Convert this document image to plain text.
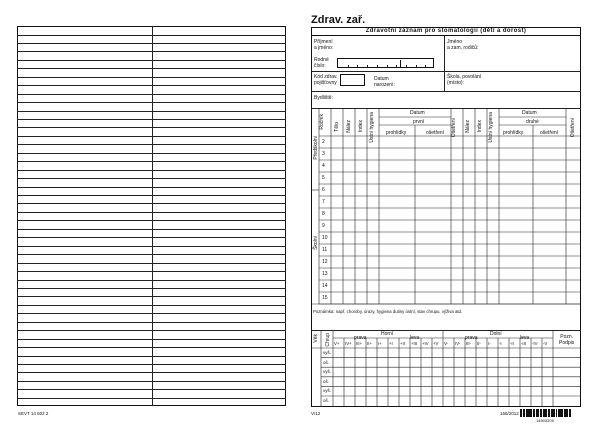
SEVT 14 602 2
Zdrav. zař.
Zdravotní záznam pro stomatologii (děti a dorost)
Příjmení
a jméno:
Jméno
a zam. rodičů:
Rodné
číslo:
Kód zdrav.
pojišťovny
Datum
narození:
Škola, povolání
(místo):
Bydliště:
Ročník Tělo Nález Index Ústní hygiena	Datum
první
prohlídky	ošetření Ošetření Nález Index Ústní hygiena	Datum
druhé
prohlídky	ošetření Ošetření
Předškolní
Školní
2
3
4
5
6
7
8
9
10
11
12
13
14
15
Poznámka: např. choroby, úrazy, hygiena dutiny ústní, stav chrupu, výživa atd.
Věk Chrup	Horní
prava	leva
Dolní
prava	leva	Pozn.
Podpis
V+ IV+ III+ II+ I+ +I +II +III +IV +V V- IV- III- II- I- -I -II -III -IV -V
vyš.
oš.
vyš.
oš.
vyš.
oš.
V/12	166/2012
14503205
